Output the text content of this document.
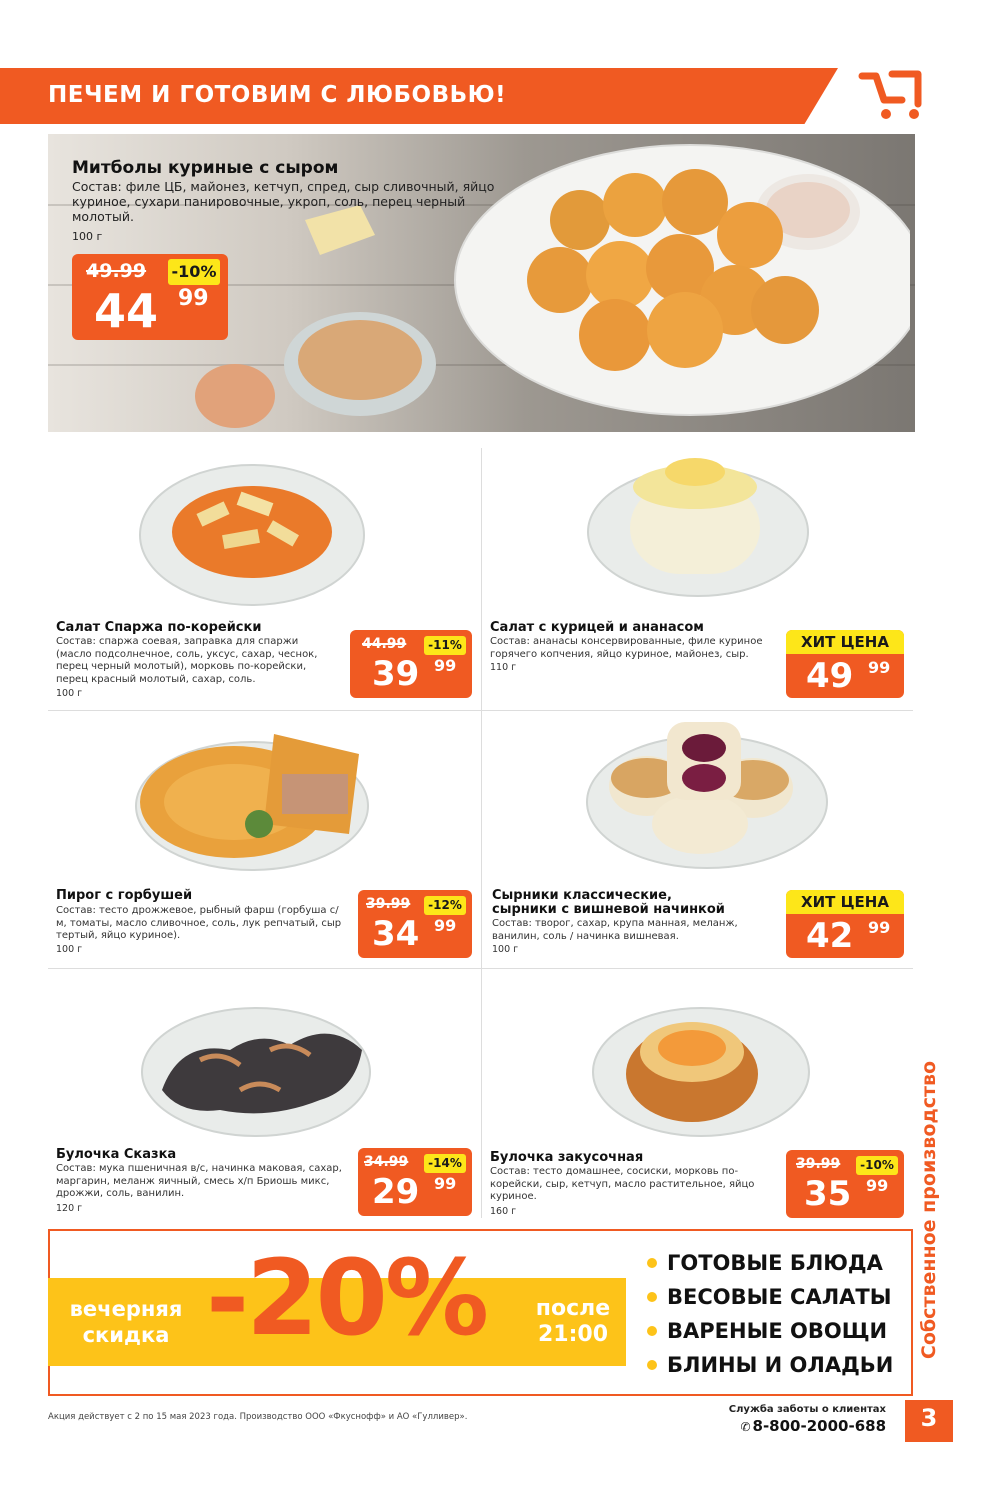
ПЕЧЕМ И ГОТОВИМ С ЛЮБОВЬЮ!
Митболы куриные с сыром
Состав: филе ЦБ, майонез, кетчуп, спред, сыр сливочный, яйцо куриное, сухари панировочные, укроп, соль, перец черный молотый.
100 г
49.99 -10%
44 99
Салат Спаржа по-корейски
Состав: спаржа соевая, заправка для спаржи (масло подсолнечное, соль, уксус, сахар, чеснок, перец черный молотый), морковь по-корейски, перец красный молотый, сахар, соль.
100 г
44.99	-11%
39 99
Салат с курицей и ананасом
Состав: ананасы консервированные, филе куриное горячего копчения, яйцо куриное, майонез, сыр.
110 г
ХИТ ЦЕНА
49 99
Пирог с горбушей
Состав: тесто дрожжевое, рыбный фарш (горбуша с/м, томаты, масло сливочное, соль, лук репчатый, сыр тертый, яйцо куриное).
100 г
39.99	-12%
34 99
Сырники классические,
сырники с вишневой начинкой
Состав: творог, сахар, крупа манная, меланж, ванилин, соль / начинка вишневая.
100 г
ХИТ ЦЕНА
42 99
Булочка Сказка
Состав: мука пшеничная в/с, начинка маковая, сахар, маргарин, меланж яичный, смесь х/п Бриошь микс, дрожжи, соль, ванилин.
120 г
34.99	-14%
29 99
Булочка закусочная
Состав: тесто домашнее, сосиски, морковь по-корейски, сыр, кетчуп, масло растительное, яйцо куриное.
160 г
39.99	-10%
35 99 Собственное производство
вечерняя
скидка -20%	после
21:00
ГОТОВЫЕ БЛЮДА
ВЕСОВЫЕ САЛАТЫ
ВАРЕНЫЕ ОВОЩИ
БЛИНЫ И ОЛАДЬИ
Акция действует с 2 по 15 мая 2023 года. Производство ООО «Фкуснофф» и АО «Гулливер».
Служба заботы о клиентах
✆ 8-800-2000-688	3
